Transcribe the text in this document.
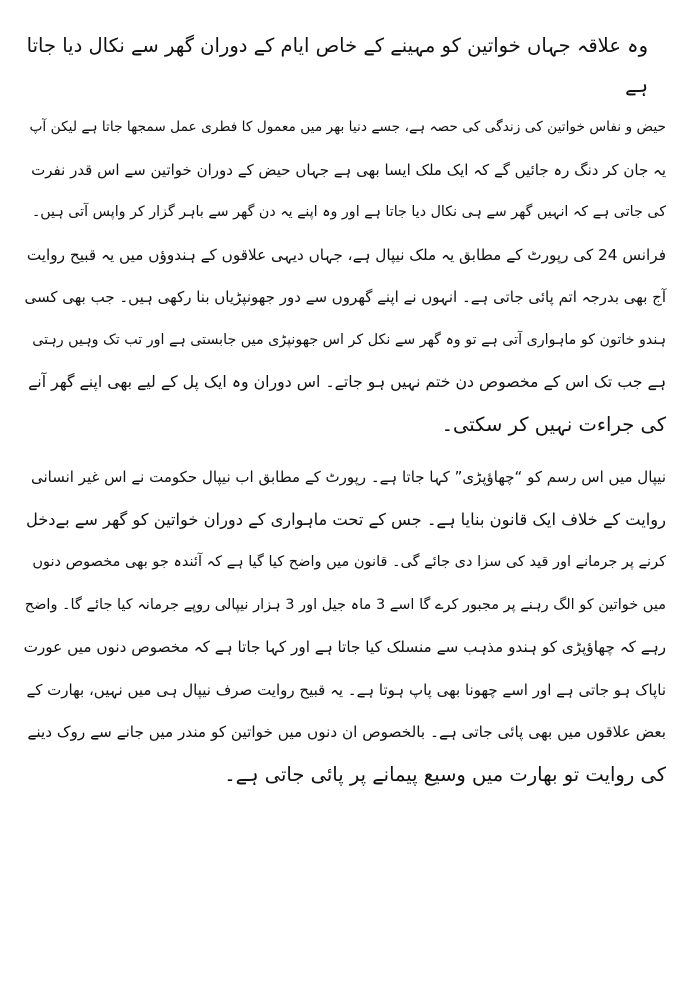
وہ علاقہ جہاں خواتین کو مہینے کے خاص ایام کے دوران گھر سے نکال دیا جاتا ہے
حیض و نفاس خواتین کی زندگی کی حصہ ہے، جسے دنیا بھر میں معمول کا فطری عمل سمجھا جاتا ہے لیکن آپ
یہ جان کر دنگ رہ جائیں گے کہ ایک ملک ایسا بھی ہے جہاں حیض کے دوران خواتین سے اس قدر نفرت
کی جاتی ہے کہ انہیں گھر سے ہی نکال دیا جاتا ہے اور وہ اپنے یہ دن گھر سے باہر گزار کر واپس آتی ہیں۔
فرانس 24 کی رپورٹ کے مطابق یہ ملک نیپال ہے، جہاں دیہی علاقوں کے ہندوؤں میں یہ قبیح روایت
آج بھی بدرجہ اتم پائی جاتی ہے۔ انہوں نے اپنے گھروں سے دور جھونپڑیاں بنا رکھی ہیں۔ جب بھی کسی
ہندو خاتون کو ماہواری آتی ہے تو وہ گھر سے نکل کر اس جھونپڑی میں جابستی ہے اور تب تک وہیں رہتی
ہے جب تک اس کے مخصوص دن ختم نہیں ہو جاتے۔ اس دوران وہ ایک پل کے لیے بھی اپنے گھر آنے
کی جراءت نہیں کر سکتی۔
نیپال میں اس رسم کو “چھاؤپڑی” کہا جاتا ہے۔ رپورٹ کے مطابق اب نیپال حکومت نے اس غیر انسانی
روایت کے خلاف ایک قانون بنایا ہے۔ جس کے تحت ماہواری کے دوران خواتین کو گھر سے بےدخل
کرنے پر جرمانے اور قید کی سزا دی جائے گی۔ قانون میں واضح کیا گیا ہے کہ آئندہ جو بھی مخصوص دنوں
میں خواتین کو الگ رہنے پر مجبور کرے گا اسے 3 ماہ جیل اور 3 ہزار نیپالی روپے جرمانہ کیا جائے گا۔ واضح
رہے کہ چھاؤپڑی کو ہندو مذہب سے منسلک کیا جاتا ہے اور کہا جاتا ہے کہ مخصوص دنوں میں عورت
ناپاک ہو جاتی ہے اور اسے چھونا بھی پاپ ہوتا ہے۔ یہ قبیح روایت صرف نیپال ہی میں نہیں، بھارت کے
بعض علاقوں میں بھی پائی جاتی ہے۔ بالخصوص ان دنوں میں خواتین کو مندر میں جانے سے روک دینے
کی روایت تو بھارت میں وسیع پیمانے پر پائی جاتی ہے۔
